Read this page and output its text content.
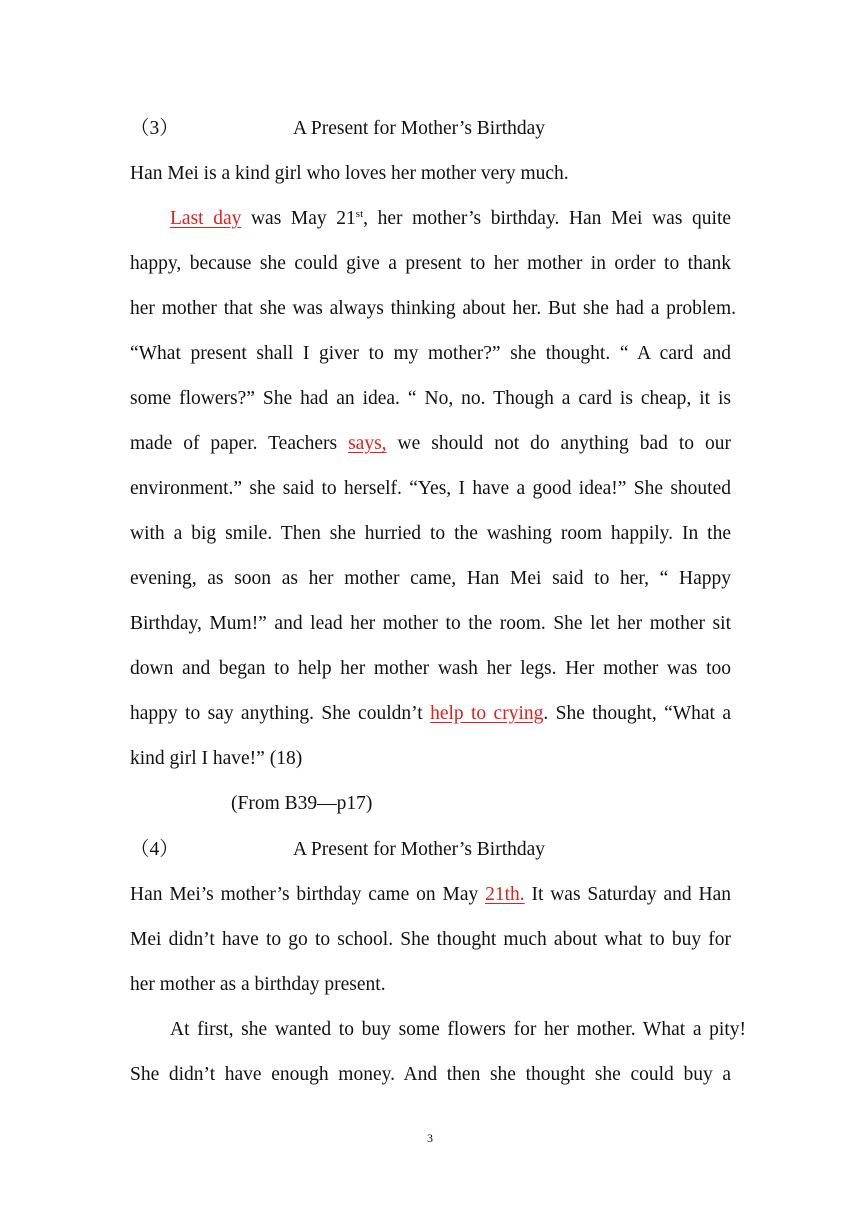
（3）	A Present for Mother’s Birthday
Han Mei is a kind girl who loves her mother very much.
Last day was May 21st, her mother’s birthday. Han Mei was quite
happy, because she could give a present to her mother in order to thank
her mother that she was always thinking about her. But she had a problem.
“What present shall I giver to my mother?” she thought. “ A card and
some flowers?” She had an idea. “ No, no. Though a card is cheap, it is
made of paper. Teachers says, we should not do anything bad to our
environment.” she said to herself. “Yes, I have a good idea!” She shouted
with a big smile. Then she hurried to the washing room happily. In the
evening, as soon as her mother came, Han Mei said to her, “ Happy
Birthday, Mum!” and lead her mother to the room. She let her mother sit
down and began to help her mother wash her legs. Her mother was too
happy to say anything. She couldn’t help to crying. She thought, “What a
kind girl I have!” (18)
(From B39—p17)
（4）	A Present for Mother’s Birthday
Han Mei’s mother’s birthday came on May 21th. It was Saturday and Han
Mei didn’t have to go to school. She thought much about what to buy for
her mother as a birthday present.
At first, she wanted to buy some flowers for her mother. What a pity!
She didn’t have enough money. And then she thought she could buy a
3
